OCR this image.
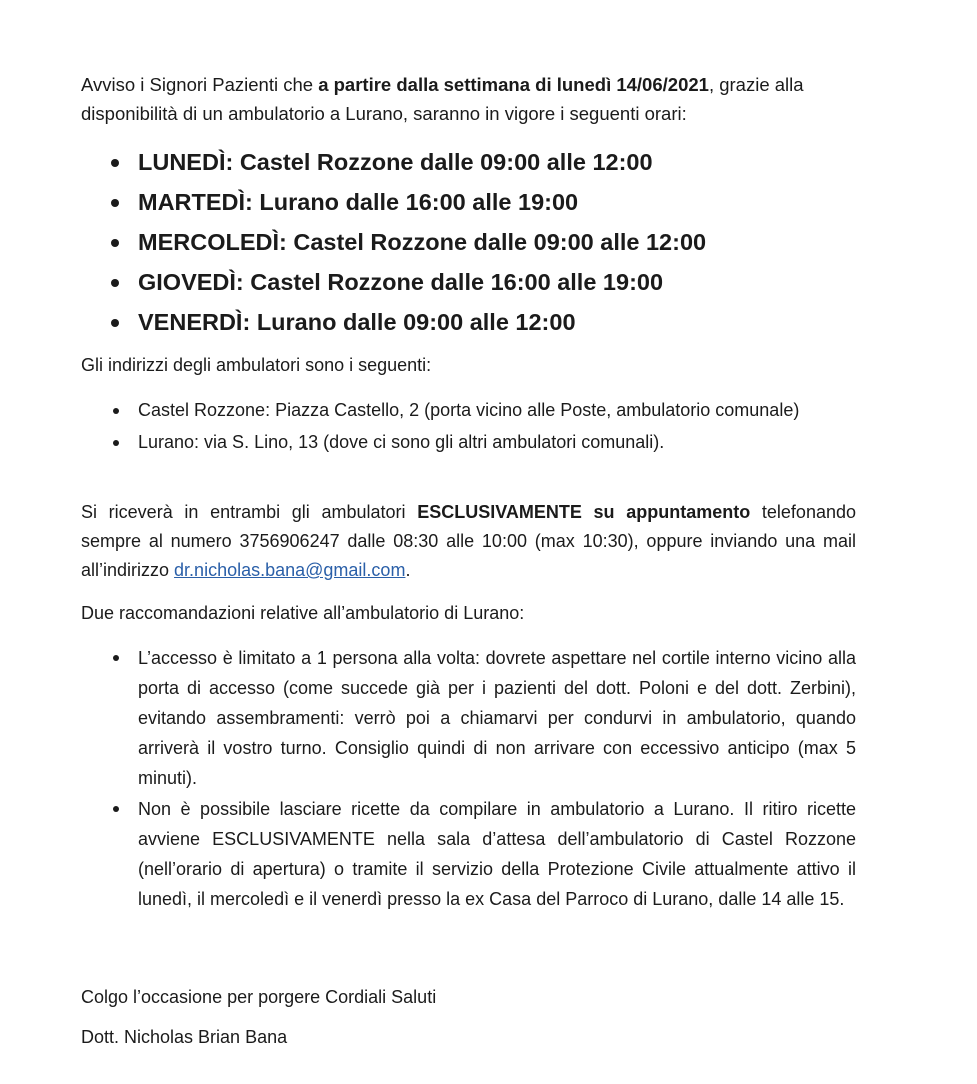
Avviso i Signori Pazienti che a partire dalla settimana di lunedì 14/06/2021, grazie alla disponibilità di un ambulatorio a Lurano, saranno in vigore i seguenti orari:

LUNEDÌ: Castel Rozzone dalle 09:00 alle 12:00
MARTEDÌ: Lurano dalle 16:00 alle 19:00
MERCOLEDÌ: Castel Rozzone dalle 09:00 alle 12:00
GIOVEDÌ: Castel Rozzone dalle 16:00 alle 19:00
VENERDÌ: Lurano dalle 09:00 alle 12:00

Gli indirizzi degli ambulatori sono i seguenti:

Castel Rozzone: Piazza Castello, 2 (porta vicino alle Poste, ambulatorio comunale)
Lurano: via S. Lino, 13 (dove ci sono gli altri ambulatori comunali).

Si riceverà in entrambi gli ambulatori ESCLUSIVAMENTE su appuntamento telefonando sempre al numero 3756906247 dalle 08:30 alle 10:00 (max 10:30), oppure inviando una mail all’indirizzo dr.nicholas.bana@gmail.com.

Due raccomandazioni relative all’ambulatorio di Lurano:

L’accesso è limitato a 1 persona alla volta: dovrete aspettare nel cortile interno vicino alla porta di accesso (come succede già per i pazienti del dott. Poloni e del dott. Zerbini), evitando assembramenti: verrò poi a chiamarvi per condurvi in ambulatorio, quando arriverà il vostro turno. Consiglio quindi di non arrivare con eccessivo anticipo (max 5 minuti).
Non è possibile lasciare ricette da compilare in ambulatorio a Lurano. Il ritiro ricette avviene ESCLUSIVAMENTE nella sala d’attesa dell’ambulatorio di Castel Rozzone (nell’orario di apertura) o tramite il servizio della Protezione Civile attualmente attivo il lunedì, il mercoledì e il venerdì presso la ex Casa del Parroco di Lurano, dalle 14 alle 15.

Colgo l’occasione per porgere Cordiali Saluti

Dott. Nicholas Brian Bana
